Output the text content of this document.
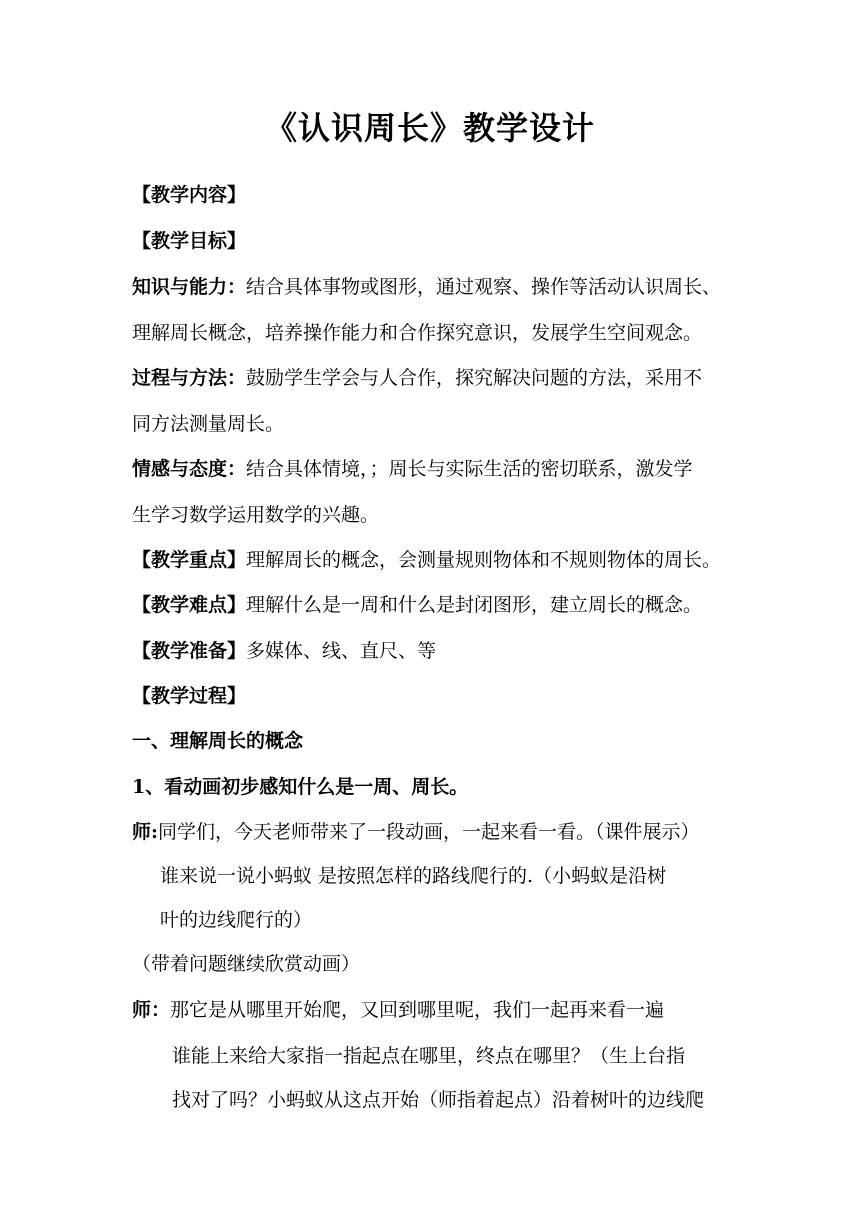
《认识周长》教学设计
【教学内容】
【教学目标】
知识与能力：结合具体事物或图形，通过观察、操作等活动认识周长、
理解周长概念，培养操作能力和合作探究意识，发展学生空间观念。
过程与方法：鼓励学生学会与人合作，探究解决问题的方法，采用不
同方法测量周长。
情感与态度：结合具体情境，；周长与实际生活的密切联系，激发学
生学习数学运用数学的兴趣。
【教学重点】理解周长的概念，会测量规则物体和不规则物体的周长。
【教学难点】理解什么是一周和什么是封闭图形，建立周长的概念。
【教学准备】多媒体、线、直尺、等
【教学过程】
一、理解周长的概念
1、看动画初步感知什么是一周、周长。
师:同学们，今天老师带来了一段动画，一起来看一看。（课件展示）
谁来说一说小蚂蚁 是按照怎样的路线爬行的.（小蚂蚁是沿树
叶的边线爬行的）
（带着问题继续欣赏动画）
师：那它是从哪里开始爬，又回到哪里呢，我们一起再来看一遍
谁能上来给大家指一指起点在哪里，终点在哪里？（生上台指
找对了吗？小蚂蚁从这点开始（师指着起点）沿着树叶的边线爬
